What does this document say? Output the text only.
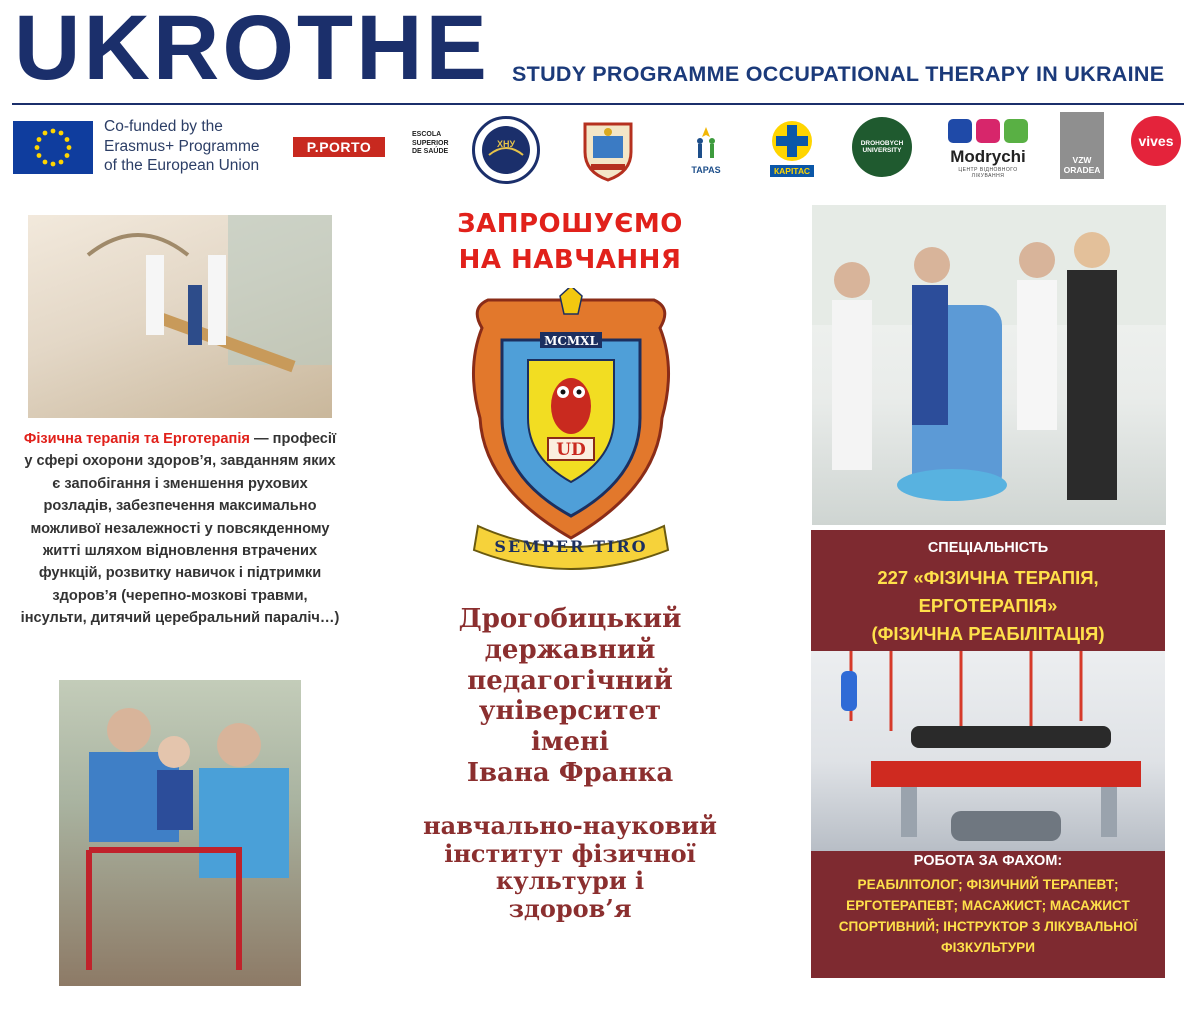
UKROTHE STUDY PROGRAMME OCCUPATIONAL THERAPY IN UKRAINE
Co-funded by the
Erasmus+ Programme
of the European Union
P.PORTO
ESCOLA
SUPERIOR
DE SAÚDE
ХНУ
TAPAS	КАРІТАС
DROHOBYCH
UNIVERSITY	Modrychi
ЦЕНТР ВІДНОВНОГО ЛІКУВАННЯ
VZW
ORADEA
vives
Фізична терапія та Ерготерапія — професії у сфері охорони здоров’я, завданням яких є запобігання і зменшення рухових розладів, забезпечення максимально можливої незалежності у повсякденному житті шляхом відновлення втрачених функцій, розвитку навичок і підтримки здоров’я (черепно-мозкові травми, інсульти, дитячий церебральний параліч…)
ЗАПРОШУЄМО
НА НАВЧАННЯ
UD
MCMXL
SEMPER TIRO
Дрогобицький
державний
педагогічний
університет
імені
Івана Франка
навчально-науковий
інститут фізичної
культури і
здоров’я
СПЕЦІАЛЬНІСТЬ
227 «ФІЗИЧНА ТЕРАПІЯ,
ЕРГОТЕРАПІЯ»
(ФІЗИЧНА РЕАБІЛІТАЦІЯ)
РОБОТА ЗА ФАХОМ:
РЕАБІЛІТОЛОГ; ФІЗИЧНИЙ ТЕРАПЕВТ; ЕРГОТЕРАПЕВТ; МАСАЖИСТ; МАСАЖИСТ СПОРТИВНИЙ; ІНСТРУКТОР З ЛІКУВАЛЬНОЇ ФІЗКУЛЬТУРИ
